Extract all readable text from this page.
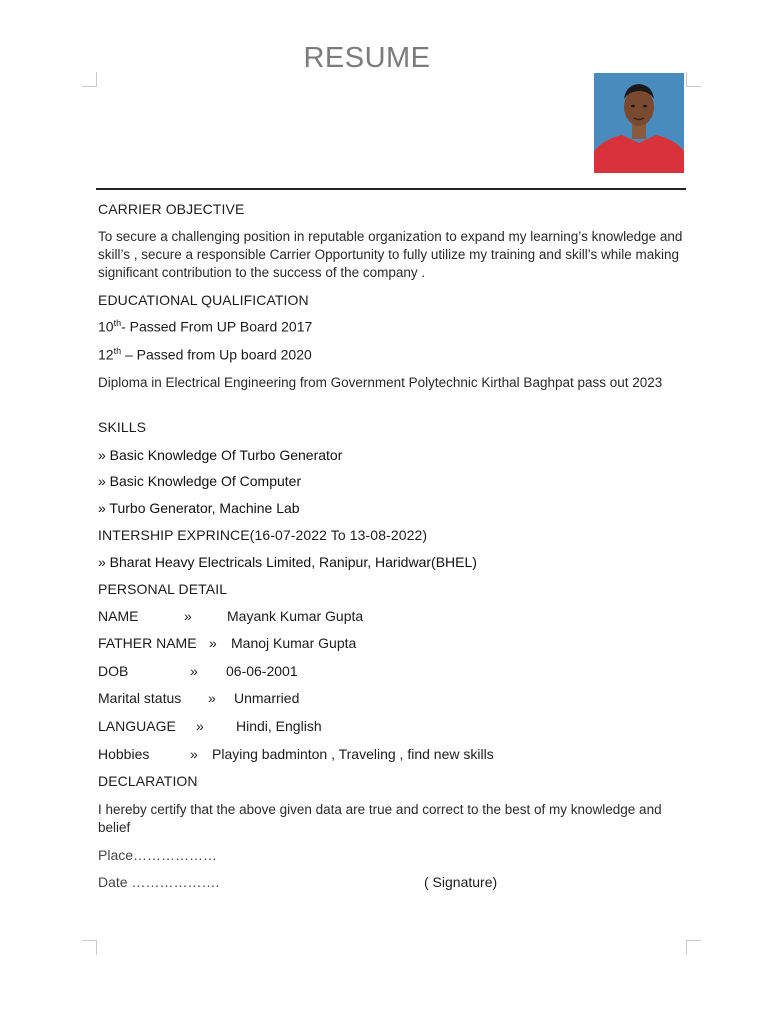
RESUME
CARRIER OBJECTIVE
To secure a challenging position in reputable organization to expand my learning’s knowledge and skill’s , secure a responsible Carrier Opportunity to fully utilize my training and skill’s while making significant contribution to the success of the company .
EDUCATIONAL QUALIFICATION
10th- Passed From UP Board 2017
12th – Passed from Up board 2020
Diploma in Electrical Engineering from Government Polytechnic Kirthal Baghpat pass out 2023
SKILLS
» Basic Knowledge Of Turbo Generator
» Basic Knowledge Of Computer
» Turbo Generator, Machine Lab
INTERSHIP EXPRINCE(16-07-2022 To 13-08-2022)
» Bharat Heavy Electricals Limited, Ranipur, Haridwar(BHEL)
PERSONAL DETAIL
NAME	»	Mayank Kumar Gupta
FATHER NAME » Manoj Kumar Gupta
DOB	» 06-06-2001
Marital status » Unmarried
LANGUAGE » Hindi, English
Hobbies	» Playing badminton , Traveling , find new skills
DECLARATION
I hereby certify that the above given data are true and correct to the best of my knowledge and belief
Place………………
Date ……………….	( Signature)
